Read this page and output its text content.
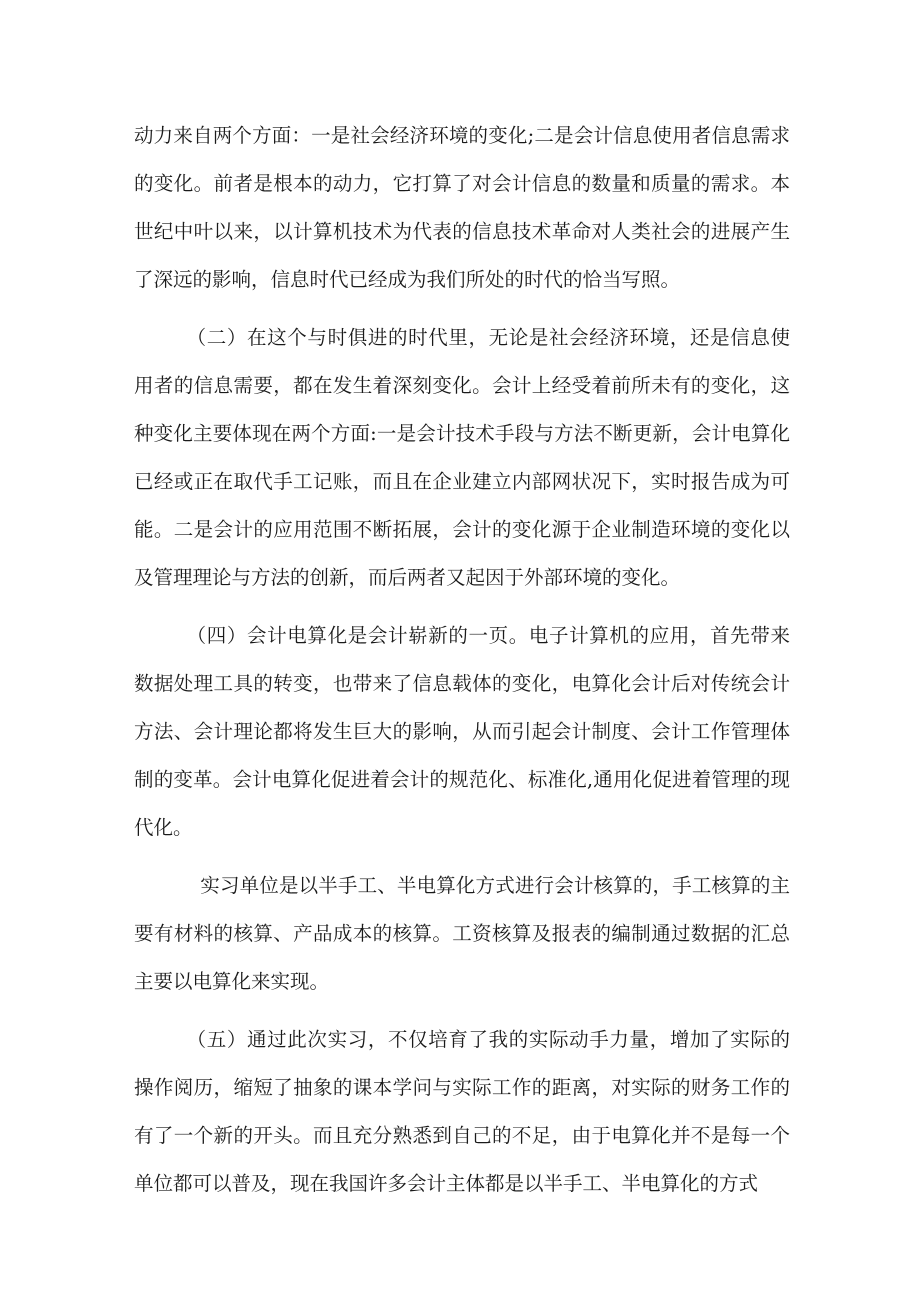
动力来自两个方面：一是社会经济环境的变化;二是会计信息使用者信息需求的变化。前者是根本的动力，它打算了对会计信息的数量和质量的需求。本世纪中叶以来，以计算机技术为代表的信息技术革命对人类社会的进展产生了深远的影响，信息时代已经成为我们所处的时代的恰当写照。

（二）在这个与时俱进的时代里，无论是社会经济环境，还是信息使用者的信息需要，都在发生着深刻变化。会计上经受着前所未有的变化，这种变化主要体现在两个方面:一是会计技术手段与方法不断更新，会计电算化已经或正在取代手工记账，而且在企业建立内部网状况下，实时报告成为可能。二是会计的应用范围不断拓展，会计的变化源于企业制造环境的变化以及管理理论与方法的创新，而后两者又起因于外部环境的变化。

（四）会计电算化是会计崭新的一页。电子计算机的应用，首先带来数据处理工具的转变，也带来了信息载体的变化，电算化会计后对传统会计方法、会计理论都将发生巨大的影响，从而引起会计制度、会计工作管理体制的变革。会计电算化促进着会计的规范化、标准化,通用化促进着管理的现代化。

实习单位是以半手工、半电算化方式进行会计核算的，手工核算的主要有材料的核算、产品成本的核算。工资核算及报表的编制通过数据的汇总主要以电算化来实现。

（五）通过此次实习，不仅培育了我的实际动手力量，增加了实际的操作阅历，缩短了抽象的课本学问与实际工作的距离，对实际的财务工作的有了一个新的开头。而且充分熟悉到自己的不足，由于电算化并不是每一个单位都可以普及，现在我国许多会计主体都是以半手工、半电算化的方式
